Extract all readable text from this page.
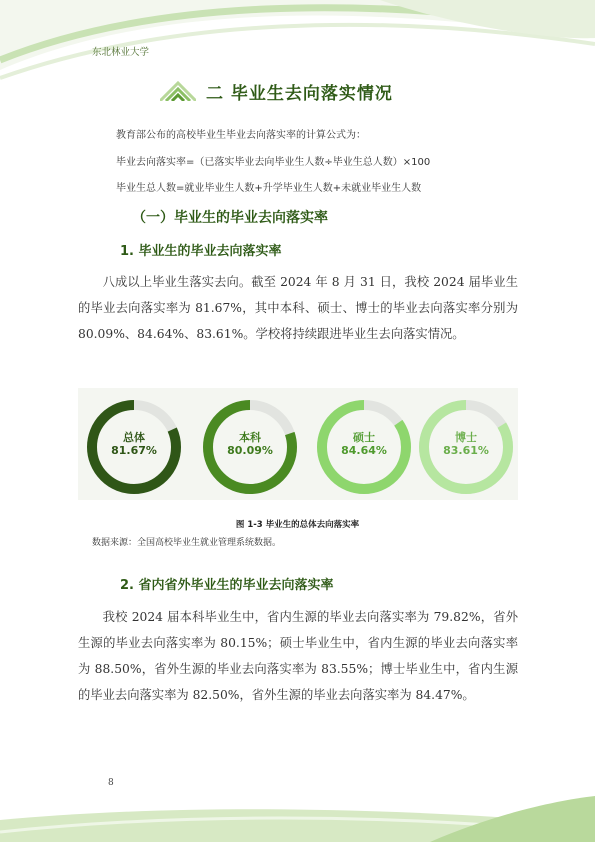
东北林业大学
二 毕业生去向落实情况
教育部公布的高校毕业生毕业去向落实率的计算公式为：
毕业去向落实率=（已落实毕业去向毕业生人数÷毕业生总人数）×100
毕业生总人数=就业毕业生人数+升学毕业生人数+未就业毕业生人数
（一）毕业生的毕业去向落实率
1. 毕业生的毕业去向落实率
八成以上毕业生落实去向。截至 2024 年 8 月 31 日，我校 2024 届毕业生的毕业去向落实率为 81.67%，其中本科、硕士、博士的毕业去向落实率分别为 80.09%、84.64%、83.61%。学校将持续跟进毕业生去向落实情况。
总体
81.67%
本科
80.09%
硕士
84.64%
博士
83.61%
图 1-3 毕业生的总体去向落实率
数据来源：全国高校毕业生就业管理系统数据。
2. 省内省外毕业生的毕业去向落实率
我校 2024 届本科毕业生中，省内生源的毕业去向落实率为 79.82%，省外生源的毕业去向落实率为 80.15%；硕士毕业生中，省内生源的毕业去向落实率为 88.50%，省外生源的毕业去向落实率为 83.55%；博士毕业生中，省内生源的毕业去向落实率为 82.50%，省外生源的毕业去向落实率为 84.47%。
8
